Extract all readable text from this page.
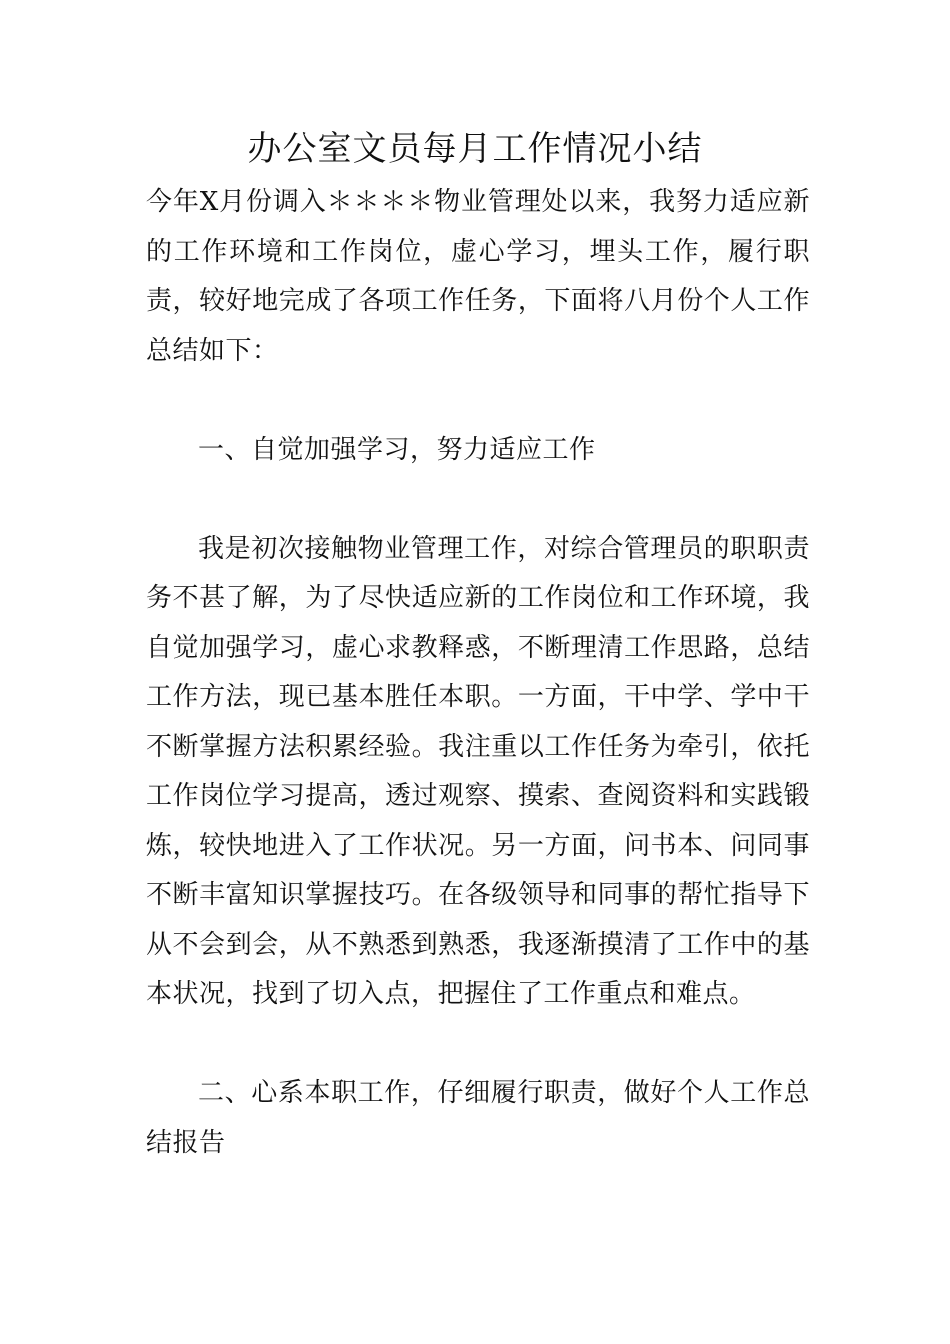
办公室文员每月工作情况小结

今年X月份调入＊＊＊＊物业管理处以来，我努力适应新的工作环境和工作岗位，虚心学习，埋头工作，履行职责，较好地完成了各项工作任务，下面将八月份个人工作总结如下：

一、自觉加强学习，努力适应工作

我是初次接触物业管理工作，对综合管理员的职职责务不甚了解，为了尽快适应新的工作岗位和工作环境，我自觉加强学习，虚心求教释惑，不断理清工作思路，总结工作方法，现已基本胜任本职。一方面，干中学、学中干不断掌握方法积累经验。我注重以工作任务为牵引，依托工作岗位学习提高，透过观察、摸索、查阅资料和实践锻炼，较快地进入了工作状况。另一方面，问书本、问同事不断丰富知识掌握技巧。在各级领导和同事的帮忙指导下从不会到会，从不熟悉到熟悉，我逐渐摸清了工作中的基本状况，找到了切入点，把握住了工作重点和难点。

二、心系本职工作，仔细履行职责，做好个人工作总结报告
